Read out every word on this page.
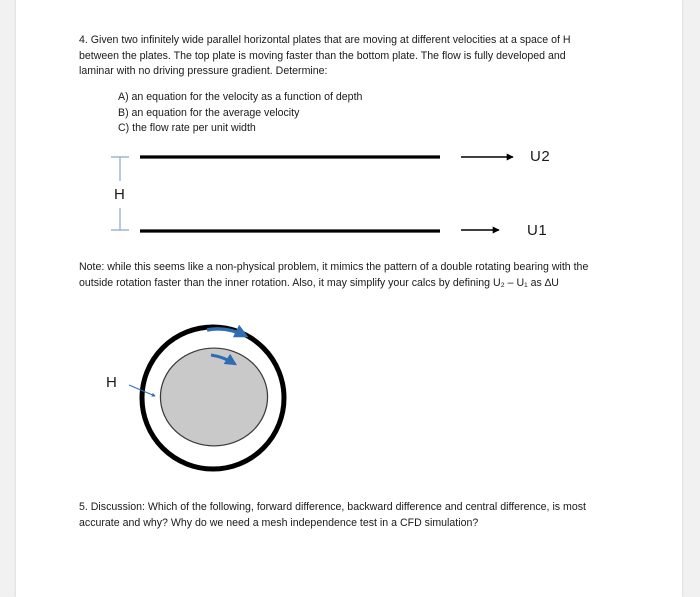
4. Given two infinitely wide parallel horizontal plates that are moving at different velocities at a space of H between the plates. The top plate is moving faster than the bottom plate. The flow is fully developed and laminar with no driving pressure gradient. Determine:
A) an equation for the velocity as a function of depth
B) an equation for the average velocity
C) the flow rate per unit width
H
U2
U1
Note: while this seems like a non-physical problem, it mimics the pattern of a double rotating bearing with the outside rotation faster than the inner rotation. Also, it may simplify your calcs by defining U₂ – U₁ as ∆U
H
5. Discussion: Which of the following, forward difference, backward difference and central difference, is most accurate and why? Why do we need a mesh independence test in a CFD simulation?
